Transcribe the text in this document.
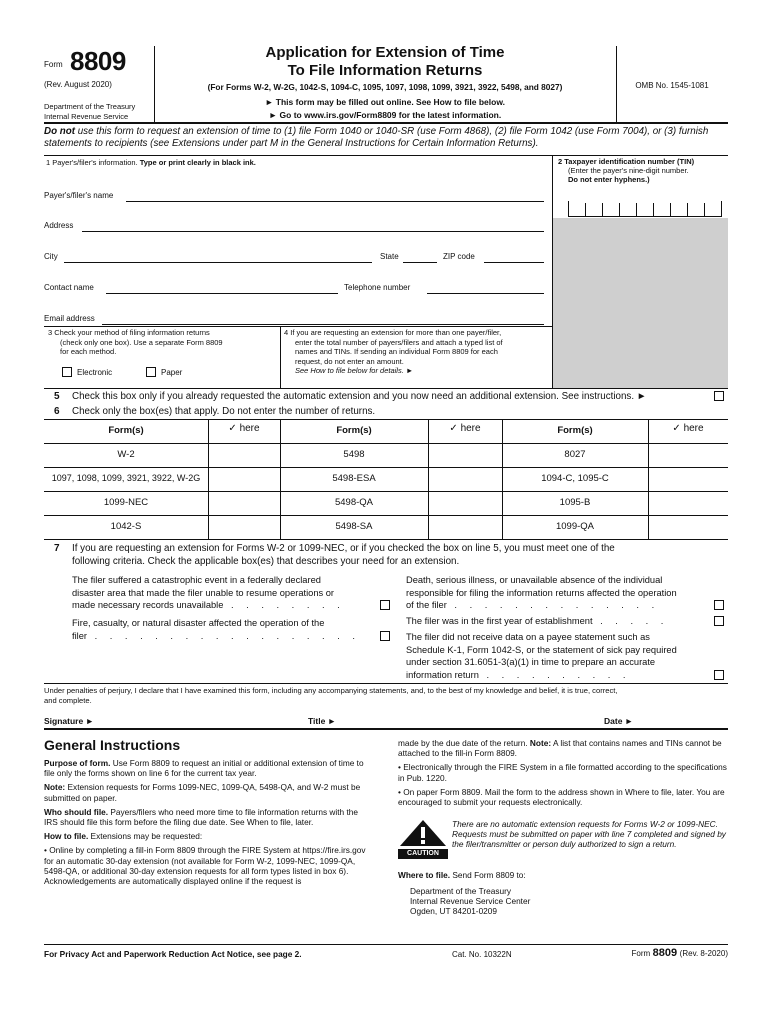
Form 8809
(Rev. August 2020)
Department of the Treasury
Internal Revenue Service
Application for Extension of Time
To File Information Returns
(For Forms W-2, W-2G, 1042-S, 1094-C, 1095, 1097, 1098, 1099, 3921, 3922, 5498, and 8027)
► This form may be filled out online. See How to file below.
► Go to www.irs.gov/Form8809 for the latest information.
OMB No. 1545-1081
Do not use this form to request an extension of time to (1) file Form 1040 or 1040-SR (use Form 4868), (2) file Form 1042 (use Form 7004), or (3) furnish statements to recipients (see Extensions under part M in the General Instructions for Certain Information Returns).
1 Payer's/filer's information. Type or print clearly in black ink.	2 Taxpayer identification number (TIN)
(Enter the payer's nine-digit number.
Do not enter hyphens.)
Payer's/filer's name
Address
City	State	ZIP code
Contact name	Telephone number
Email address
3 Check your method of filing information returns
(check only one box). Use a separate Form 8809
for each method.
Electronic	Paper
4 If you are requesting an extension for more than one payer/filer,
enter the total number of payers/filers and attach a typed list of
names and TINs. If sending an individual Form 8809 for each
request, do not enter an amount.
See How to file below for details. ►
5 Check this box only if you already requested the automatic extension and you now need an additional extension. See instructions. ►
6 Check only the box(es) that apply. Do not enter the number of returns.
Form(s)	✓ here	Form(s)	✓ here	Form(s)	✓ here
W-2	5498	8027
1097, 1098, 1099, 3921, 3922, W-2G	5498-ESA	1094-C, 1095-C
1099-NEC	5498-QA	1095-B
1042-S	5498-SA	1099-QA
7 If you are requesting an extension for Forms W-2 or 1099-NEC, or if you checked the box on line 5, you must meet one of the
following criteria. Check the applicable box(es) that describes your need for an extension.
The filer suffered a catastrophic event in a federally declared
disaster area that made the filer unable to resume operations or
made necessary records unavailable . . . . . . . .
Fire, casualty, or natural disaster affected the operation of the
filer . . . . . . . . . . . . . . . . . .
Death, serious illness, or unavailable absence of the individual
responsible for filing the information returns affected the operation
of the filer . . . . . . . . . . . . . .
The filer was in the first year of establishment . . . . .
The filer did not receive data on a payee statement such as
Schedule K-1, Form 1042-S, or the statement of sick pay required
under section 31.6051-3(a)(1) in time to prepare an accurate
information return . . . . . . . . . .
Under penalties of perjury, I declare that I have examined this form, including any accompanying statements, and, to the best of my knowledge and belief, it is true, correct,
and complete.
Signature ►	Title ►	Date ►
General Instructions

Purpose of form. Use Form 8809 to request an initial or additional extension of time to file only the forms shown on line 6 for the current tax year.

Note: Extension requests for Forms 1099-NEC, 1099-QA, 5498-QA, and W-2 must be submitted on paper.

Who should file. Payers/filers who need more time to file information returns with the IRS should file this form before the filing due date. See When to file, later.

How to file. Extensions may be requested:

• Online by completing a fill-in Form 8809 through the FIRE System at https://fire.irs.gov for an automatic 30-day extension (not available for Form W-2, 1099-NEC, 1099-QA, 5498-QA, or additional 30-day extension requests for all form types listed in box 6). Acknowledgements are automatically displayed online if the request is

made by the due date of the return. Note: A list that contains names and TINs cannot be attached to the fill-in Form 8809.

• Electronically through the FIRE System in a file formatted according to the specifications in Pub. 1220.

• On paper Form 8809. Mail the form to the address shown in Where to file, later. You are encouraged to submit your requests electronically.

CAUTION
There are no automatic extension requests for Forms W-2 or 1099-NEC. Requests must be submitted on paper with line 7 completed and signed by the filer/transmitter or person duly authorized to sign a return.
Where to file. Send Form 8809 to:
Department of the Treasury
Internal Revenue Service Center
Ogden, UT 84201-0209
For Privacy Act and Paperwork Reduction Act Notice, see page 2.	Cat. No. 10322N	Form 8809 (Rev. 8-2020)
